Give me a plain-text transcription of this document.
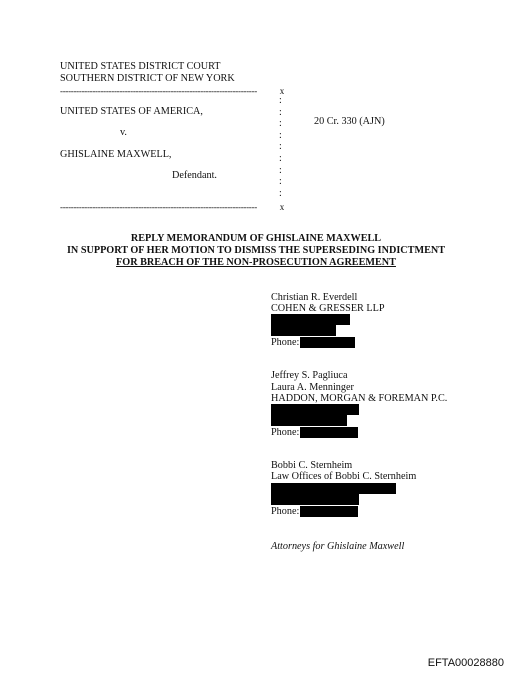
UNITED STATES DISTRICT COURT
SOUTHERN DISTRICT OF NEW YORK
-------------------------------------------------------------------------	x
UNITED STATES OF AMERICA,
v.
GHISLAINE MAXWELL,
Defendant.
:
:
:
:
:
:
:
:
:
20 Cr. 330 (AJN)
-------------------------------------------------------------------------	x
REPLY MEMORANDUM OF GHISLAINE MAXWELL
IN SUPPORT OF HER MOTION TO DISMISS THE SUPERSEDING INDICTMENT
FOR BREACH OF THE NON-PROSECUTION AGREEMENT
Christian R. Everdell
COHEN & GRESSER LLP
Phone:
Jeffrey S. Pagliuca
Laura A. Menninger
HADDON, MORGAN & FOREMAN P.C.
Phone:
Bobbi C. Sternheim
Law Offices of Bobbi C. Sternheim
Phone:
Attorneys for Ghislaine Maxwell
EFTA00028880
